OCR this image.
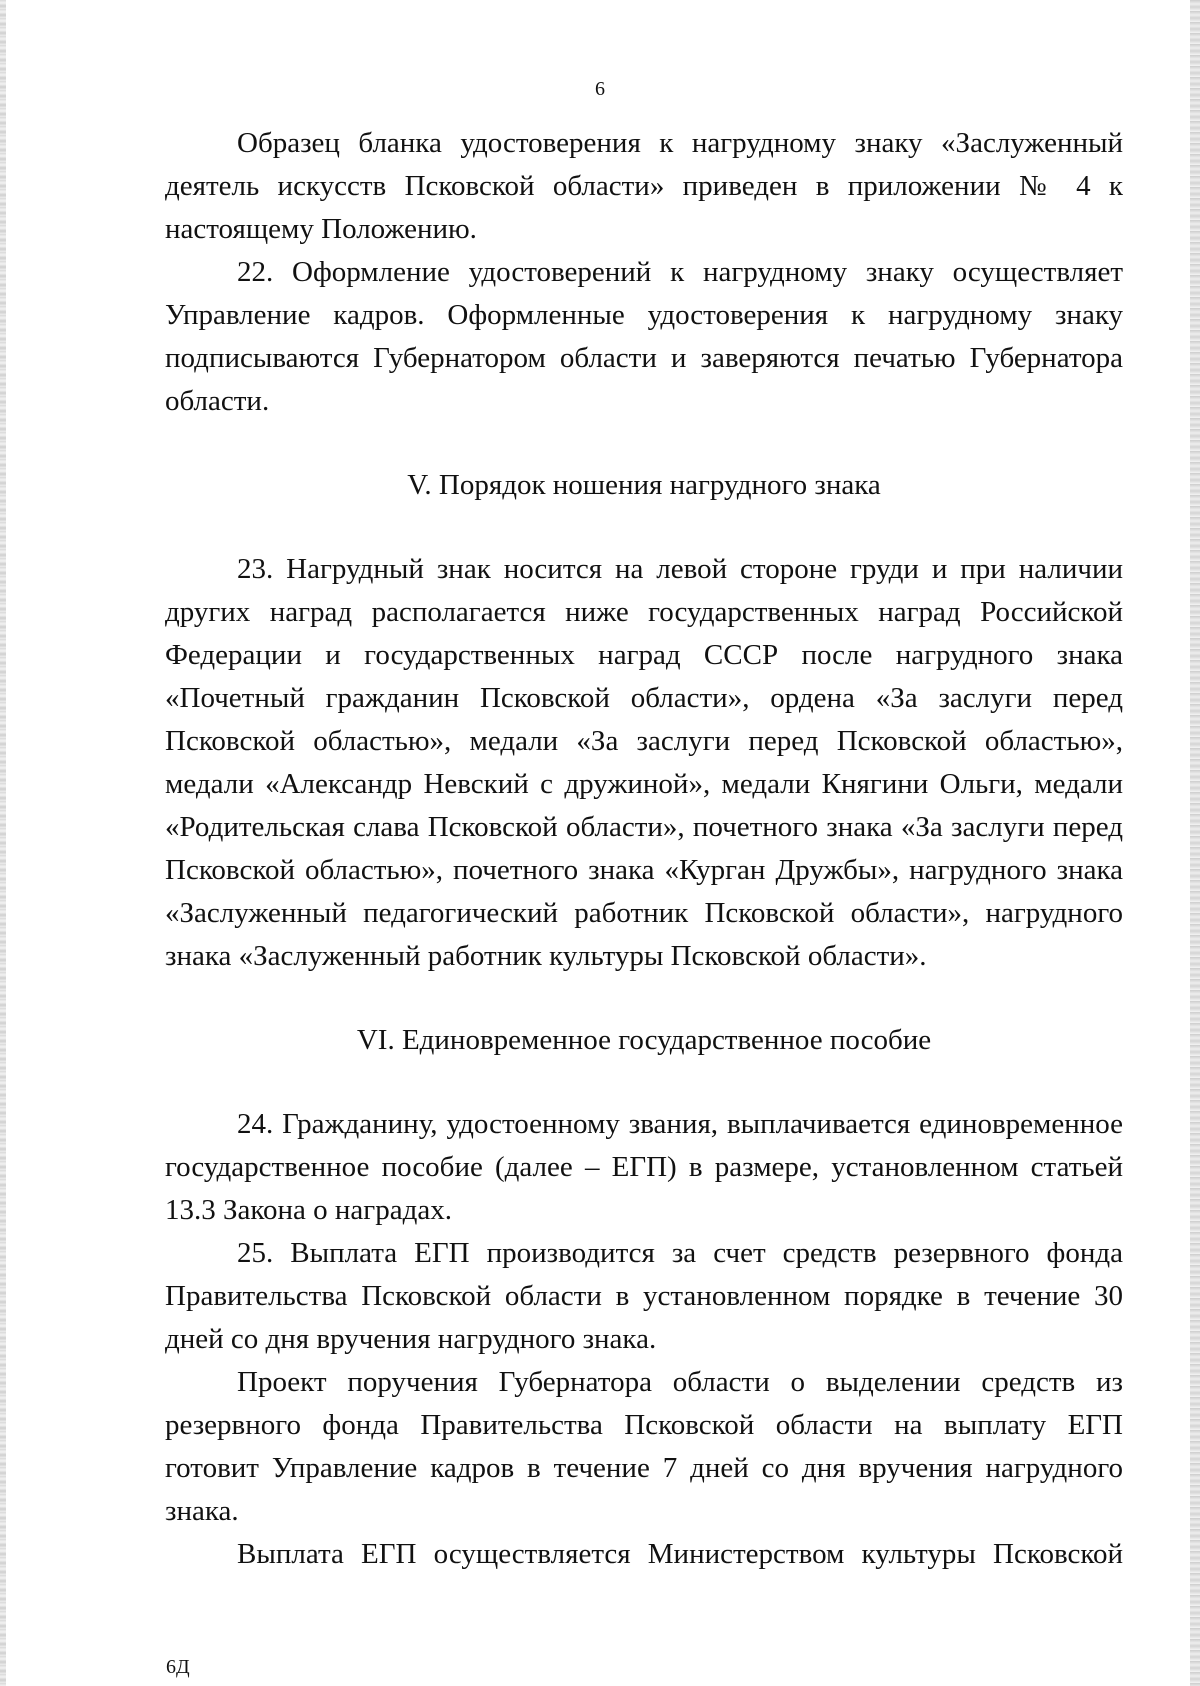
6

Образец бланка удостоверения к нагрудному знаку «Заслуженный деятель искусств Псковской области» приведен в приложении № 4 к настоящему Положению.

22. Оформление удостоверений к нагрудному знаку осуществляет Управление кадров. Оформленные удостоверения к нагрудному знаку подписываются Губернатором области и заверяются печатью Губернатора области.

V. Порядок ношения нагрудного знака

23. Нагрудный знак носится на левой стороне груди и при наличии других наград располагается ниже государственных наград Российской Федерации и государственных наград СССР после нагрудного знака «Почетный гражданин Псковской области», ордена «За заслуги перед Псковской областью», медали «За заслуги перед Псковской областью», медали «Александр Невский с дружиной», медали Княгини Ольги, медали «Родительская слава Псковской области», почетного знака «За заслуги перед Псковской областью», почетного знака «Курган Дружбы», нагрудного знака «Заслуженный педагогический работник Псковской области», нагрудного знака «Заслуженный работник культуры Псковской области».

VI. Единовременное государственное пособие

24. Гражданину, удостоенному звания, выплачивается единовременное государственное пособие (далее – ЕГП) в размере, установленном статьей 13.3 Закона о наградах.

25. Выплата ЕГП производится за счет средств резервного фонда Правительства Псковской области в установленном порядке в течение 30 дней со дня вручения нагрудного знака.

Проект поручения Губернатора области о выделении средств из резервного фонда Правительства Псковской области на выплату ЕГП готовит Управление кадров в течение 7 дней со дня вручения нагрудного знака.

Выплата ЕГП осуществляется Министерством культуры Псковской

6Д
